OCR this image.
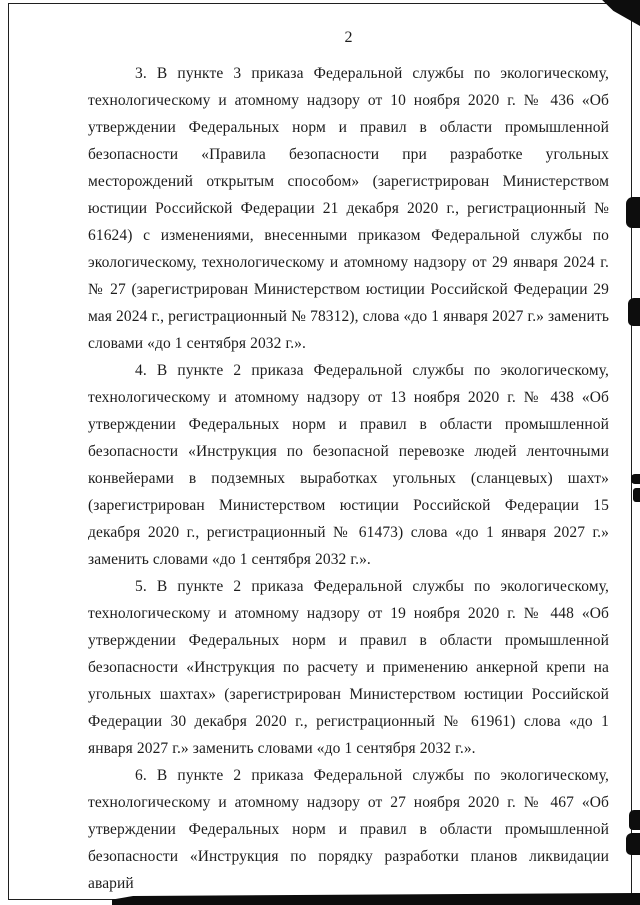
2

3. В пункте 3 приказа Федеральной службы по экологическому, технологическому и атомному надзору от 10 ноября 2020 г. № 436 «Об утверждении Федеральных норм и правил в области промышленной безопасности «Правила безопасности при разработке угольных месторождений открытым способом» (зарегистрирован Министерством юстиции Российской Федерации 21 декабря 2020 г., регистрационный № 61624) с изменениями, внесенными приказом Федеральной службы по экологическому, технологическому и атомному надзору от 29 января 2024 г. № 27 (зарегистрирован Министерством юстиции Российской Федерации 29 мая 2024 г., регистрационный № 78312), слова «до 1 января 2027 г.» заменить словами «до 1 сентября 2032 г.».

4. В пункте 2 приказа Федеральной службы по экологическому, технологическому и атомному надзору от 13 ноября 2020 г. № 438 «Об утверждении Федеральных норм и правил в области промышленной безопасности «Инструкция по безопасной перевозке людей ленточными конвейерами в подземных выработках угольных (сланцевых) шахт» (зарегистрирован Министерством юстиции Российской Федерации 15 декабря 2020 г., регистрационный № 61473) слова «до 1 января 2027 г.» заменить словами «до 1 сентября 2032 г.».

5. В пункте 2 приказа Федеральной службы по экологическому, технологическому и атомному надзору от 19 ноября 2020 г. № 448 «Об утверждении Федеральных норм и правил в области промышленной безопасности «Инструкция по расчету и применению анкерной крепи на угольных шахтах» (зарегистрирован Министерством юстиции Российской Федерации 30 декабря 2020 г., регистрационный № 61961) слова «до 1 января 2027 г.» заменить словами «до 1 сентября 2032 г.».

6. В пункте 2 приказа Федеральной службы по экологическому, технологическому и атомному надзору от 27 ноября 2020 г. № 467 «Об утверждении Федеральных норм и правил в области промышленной безопасности «Инструкция по порядку разработки планов ликвидации аварий
